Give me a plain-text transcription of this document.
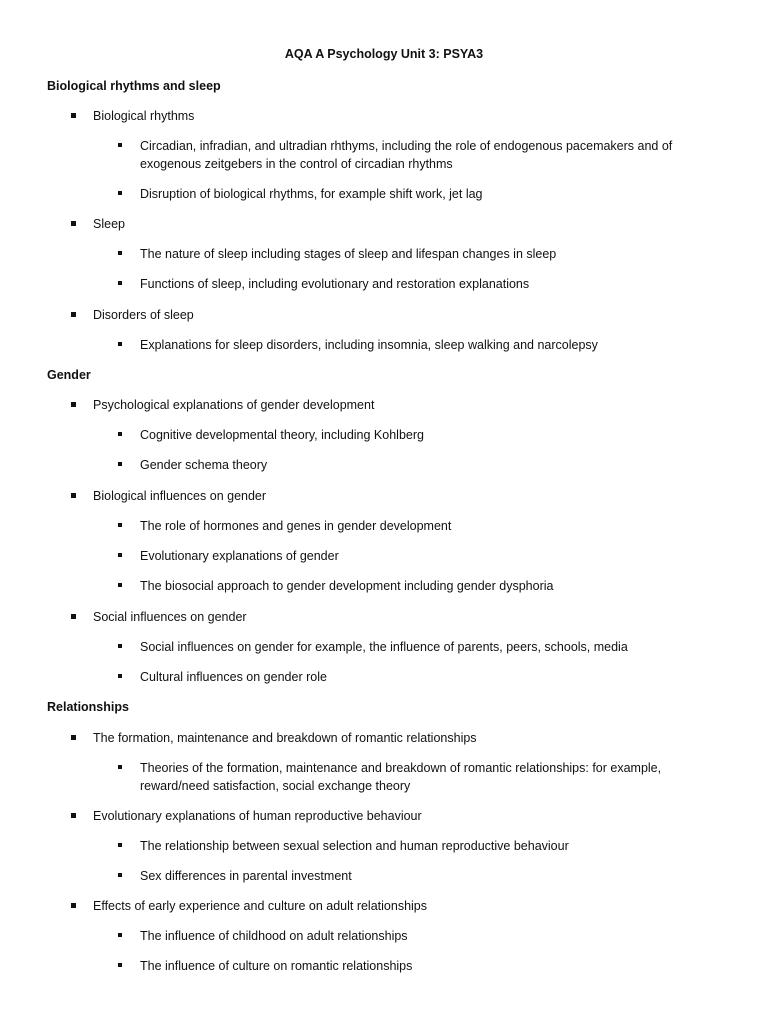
AQA A Psychology Unit 3: PSYA3
Biological rhythms and sleep
Biological rhythms
Circadian, infradian, and ultradian rhthyms, including the role of endogenous pacemakers and of
exogenous zeitgebers in the control of circadian rhythms
Disruption of biological rhythms, for example shift work, jet lag
Sleep
The nature of sleep including stages of sleep and lifespan changes in sleep
Functions of sleep, including evolutionary and restoration explanations
Disorders of sleep
Explanations for sleep disorders, including insomnia, sleep walking and narcolepsy
Gender
Psychological explanations of gender development
Cognitive developmental theory, including Kohlberg
Gender schema theory
Biological influences on gender
The role of hormones and genes in gender development
Evolutionary explanations of gender
The biosocial approach to gender development including gender dysphoria
Social influences on gender
Social influences on gender for example, the influence of parents, peers, schools, media
Cultural influences on gender role
Relationships
The formation, maintenance and breakdown of romantic relationships
Theories of the formation, maintenance and breakdown of romantic relationships: for example,
reward/need satisfaction, social exchange theory
Evolutionary explanations of human reproductive behaviour
The relationship between sexual selection and human reproductive behaviour
Sex differences in parental investment
Effects of early experience and culture on adult relationships
The influence of childhood on adult relationships
The influence of culture on romantic relationships
